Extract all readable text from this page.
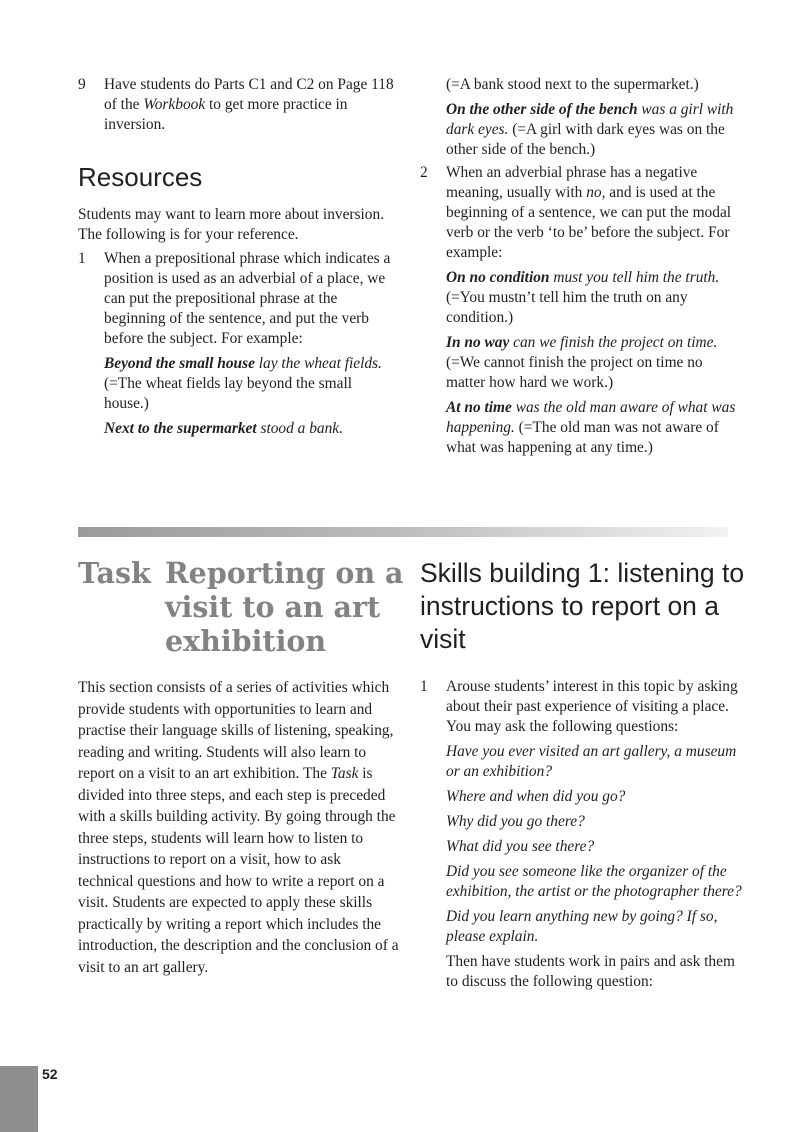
9	Have students do Parts C1 and C2 on Page 118 of the Workbook to get more practice in inversion.

Resources

Students may want to learn more about inversion. The following is for your reference.

1 When a prepositional phrase which indicates a position is used as an adverbial of a place, we can put the prepositional phrase at the beginning of the sentence, and put the verb before the subject. For example:

Beyond the small house lay the wheat fields. (=The wheat fields lay beyond the small house.)

Next to the supermarket stood a bank.

(=A bank stood next to the supermarket.)

On the other side of the bench was a girl with dark eyes. (=A girl with dark eyes was on the other side of the bench.)

2 When an adverbial phrase has a negative meaning, usually with no, and is used at the beginning of a sentence, we can put the modal verb or the verb ‘to be’ before the subject. For example:

On no condition must you tell him the truth. (=You mustn’t tell him the truth on any condition.)

In no way can we finish the project on time. (=We cannot finish the project on time no matter how hard we work.)

At no time was the old man aware of what was happening. (=The old man was not aware of what was happening at any time.)

Task Reporting on a visit to an art exhibition
Skills building 1: listening to instructions to report on a visit

This section consists of a series of activities which provide students with opportunities to learn and practise their language skills of listening, speaking, reading and writing. Students will also learn to report on a visit to an art exhibition. The Task is divided into three steps, and each step is preceded with a skills building activity. By going through the three steps, students will learn how to listen to instructions to report on a visit, how to ask technical questions and how to write a report on a visit. Students are expected to apply these skills practically by writing a report which includes the introduction, the description and the conclusion of a visit to an art gallery.

1 Arouse students’ interest in this topic by asking about their past experience of visiting a place. You may ask the following questions:

Have you ever visited an art gallery, a museum or an exhibition?

Where and when did you go?

Why did you go there?

What did you see there?

Did you see someone like the organizer of the exhibition, the artist or the photographer there?

Did you learn anything new by going? If so, please explain.

Then have students work in pairs and ask them to discuss the following question:

52
